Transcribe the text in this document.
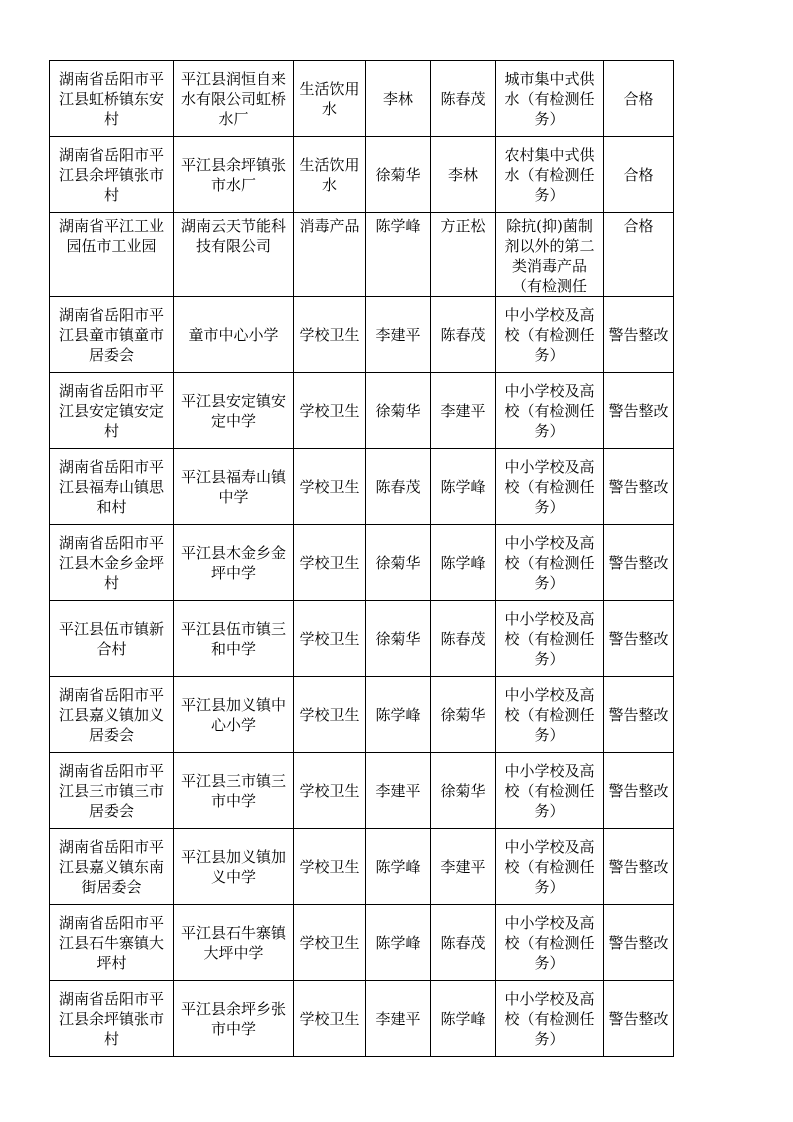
湖南省岳阳市平江县虹桥镇东安村	平江县润恒自来水有限公司虹桥水厂	生活饮用水	李林	陈春茂	城市集中式供水（有检测任务）	合格
湖南省岳阳市平江县余坪镇张市村	平江县余坪镇张市水厂	生活饮用水	徐菊华	李林	农村集中式供水（有检测任务）	合格
湖南省平江工业园伍市工业园	湖南云天节能科技有限公司	消毒产品	陈学峰	方正松	除抗(抑)菌制剂以外的第二类消毒产品（有检测任	合格
湖南省岳阳市平江县童市镇童市居委会	童市中心小学	学校卫生	李建平	陈春茂	中小学校及高校（有检测任务）	警告整改
湖南省岳阳市平江县安定镇安定村	平江县安定镇安定中学	学校卫生	徐菊华	李建平	中小学校及高校（有检测任务）	警告整改
湖南省岳阳市平江县福寿山镇思和村	平江县福寿山镇中学	学校卫生	陈春茂	陈学峰	中小学校及高校（有检测任务）	警告整改
湖南省岳阳市平江县木金乡金坪村	平江县木金乡金坪中学	学校卫生	徐菊华	陈学峰	中小学校及高校（有检测任务）	警告整改
平江县伍市镇新合村	平江县伍市镇三和中学	学校卫生	徐菊华	陈春茂	中小学校及高校（有检测任务）	警告整改
湖南省岳阳市平江县嘉义镇加义居委会	平江县加义镇中心小学	学校卫生	陈学峰	徐菊华	中小学校及高校（有检测任务）	警告整改
湖南省岳阳市平江县三市镇三市居委会	平江县三市镇三市中学	学校卫生	李建平	徐菊华	中小学校及高校（有检测任务）	警告整改
湖南省岳阳市平江县嘉义镇东南街居委会	平江县加义镇加义中学	学校卫生	陈学峰	李建平	中小学校及高校（有检测任务）	警告整改
湖南省岳阳市平江县石牛寨镇大坪村	平江县石牛寨镇大坪中学	学校卫生	陈学峰	陈春茂	中小学校及高校（有检测任务）	警告整改
湖南省岳阳市平江县余坪镇张市村	平江县余坪乡张市中学	学校卫生	李建平	陈学峰	中小学校及高校（有检测任务）	警告整改
